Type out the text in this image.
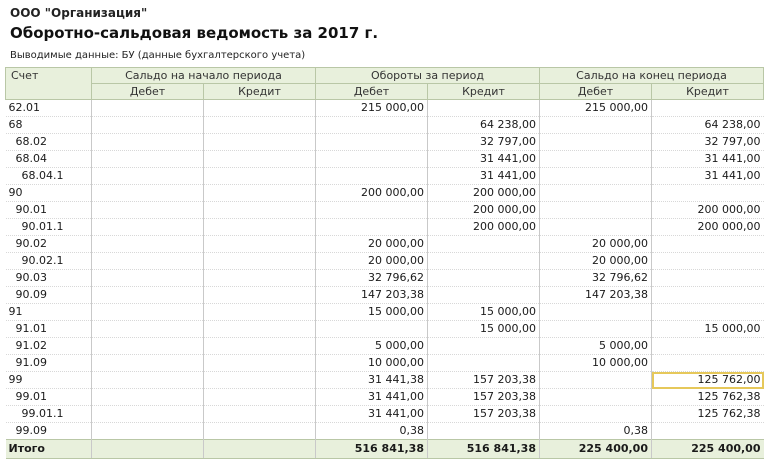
ООО "Организация"
Оборотно-сальдовая ведомость за 2017 г.
Выводимые данные: БУ (данные бухгалтерского учета)
Счет	Сальдо на начало периода		Обороты за период		Сальдо на конец периода	
	Дебет	Кредит	Дебет	Кредит	Дебет	Кредит
62.01			215 000,00		215 000,00	
68				64 238,00		64 238,00
68.02				32 797,00		32 797,00
68.04				31 441,00		31 441,00
68.04.1				31 441,00		31 441,00
90			200 000,00	200 000,00		
90.01				200 000,00		200 000,00
90.01.1				200 000,00		200 000,00
90.02			20 000,00		20 000,00	
90.02.1			20 000,00		20 000,00	
90.03			32 796,62		32 796,62	
90.09			147 203,38		147 203,38	
91			15 000,00	15 000,00		
91.01				15 000,00		15 000,00
91.02			5 000,00		5 000,00	
91.09			10 000,00		10 000,00	
99			31 441,38	157 203,38		125 762,00
99.01			31 441,00	157 203,38		125 762,38
99.01.1			31 441,00	157 203,38		125 762,38
99.09			0,38		0,38	
Итого			516 841,38	516 841,38	225 400,00	225 400,00
